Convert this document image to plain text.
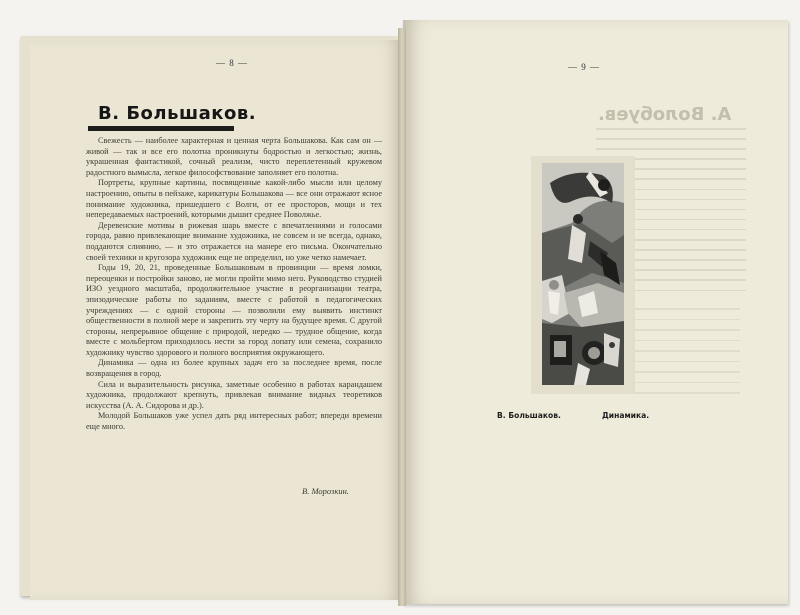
— 8 —	— 9 —
В. Большаков.

Свежесть — наиболее характерная и ценная черта Большакова. Как сам он — живой — так и все его полотна проникнуты бодростью и легкостью; жизнь, украшенная фантастикой, сочный реализм, чисто переплетенный кружевом радостного вымысла, легкое философствование заполняет его полотна.

Портреты, крупные картины, посвященные какой-либо мысли или целому настроению, опыты в пейзаже, карикатуры Большакова — все они отражают ясное понимание художника, пришедшего с Волги, от ее просторов, мощи и тех непередаваемых настроений, которыми дышит среднее Поволжье.

Деревенские мотивы в рижевая шарь вместе с впечатлениями и голосами города, равно привлекающие внимание художника, не совсем и не всегда, однако, поддаются слиянию, — и это отражается на манере его письма. Окончательно своей техники и кругозора художник еще не определил, но уже четко намечает.

Годы 19, 20, 21, проведенные Большаковым в провинции — время ломки, переоценки и постройки заново, не могли пройти мимо него. Руководство студией ИЗО уездного масштаба, продолжительное участие в реорганизации театра, эпизодические работы по заданиям, вместе с работой в педагогических учреждениях — с одной стороны — позволили ему выявить инстинкт общественности в полной мере и закрепить эту черту на будущее время. С другой стороны, непрерывное общение с природой, нередко — трудное общение, когда вместе с мольбертом приходилось нести за город лопату или семена, сохранило художнику чувство здорового и полного восприятия окружающего.

Динамика — одна из более крупных задач его за последнее время, после возвращения в город.

Сила и выразительность рисунка, заметные особенно в работах карандашем художника, продолжают крепнуть, привлекая внимание видных теоретиков искусства (А. А. Сидорова и др.).

Молодой Большаков уже успел дать ряд интересных работ; впереди времени еще много.

В. Морозкин.
А. Волобуев.
В. Большаков.	Динамика.
